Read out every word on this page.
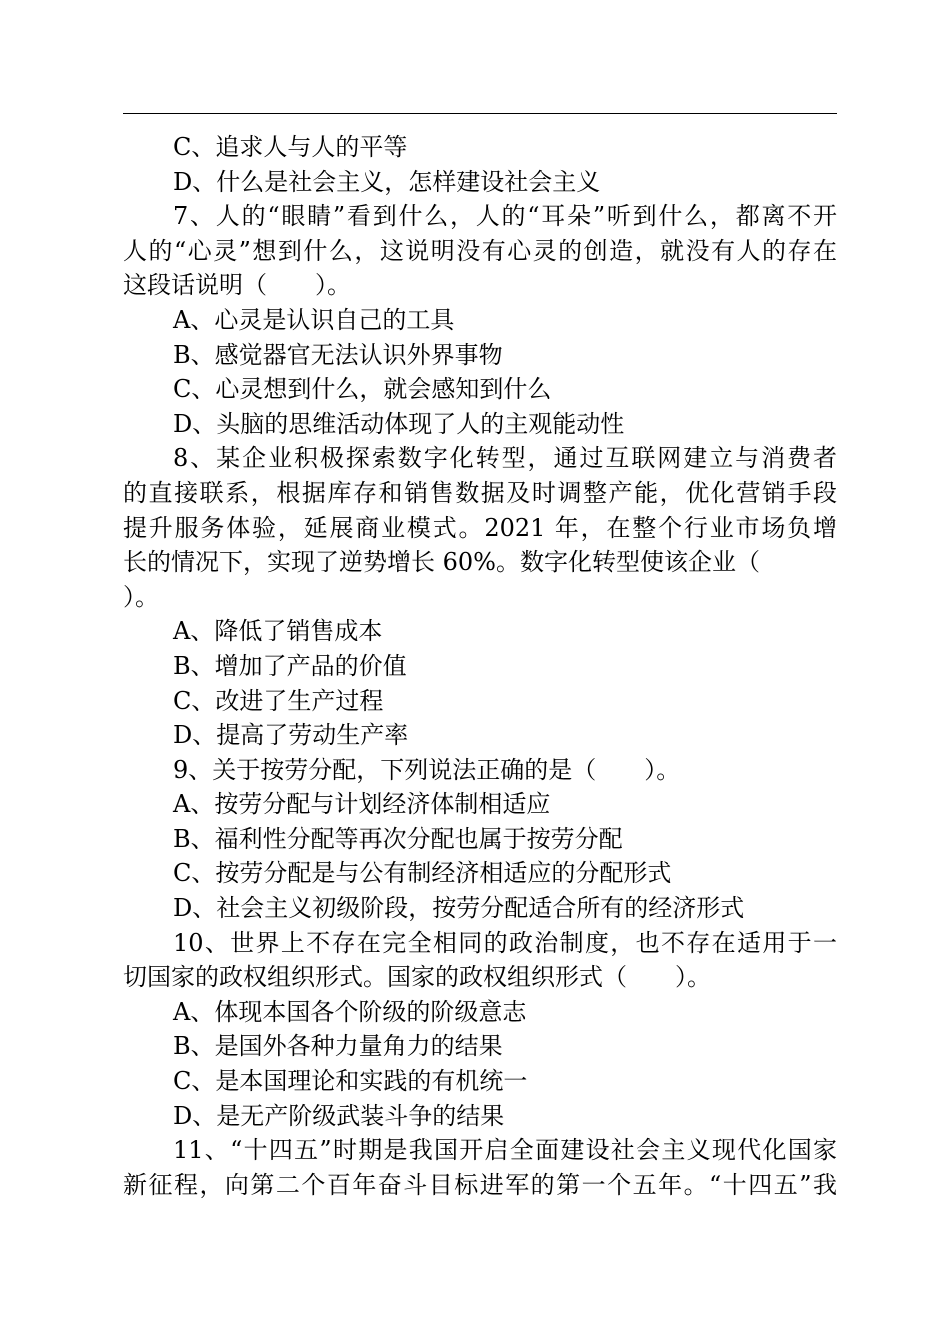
C、追求人与人的平等
D、什么是社会主义，怎样建设社会主义
7、人的“眼睛”看到什么，人的“耳朵”听到什么，都离不开
人的“心灵”想到什么，这说明没有心灵的创造，就没有人的存在
这段话说明（　　）。
A、心灵是认识自己的工具
B、感觉器官无法认识外界事物
C、心灵想到什么，就会感知到什么
D、头脑的思维活动体现了人的主观能动性
8、某企业积极探索数字化转型，通过互联网建立与消费者
的直接联系，根据库存和销售数据及时调整产能，优化营销手段
提升服务体验，延展商业模式。2021 年，在整个行业市场负增
长的情况下，实现了逆势增长 60%。数字化转型使该企业（
）。
A、降低了销售成本
B、增加了产品的价值
C、改进了生产过程
D、提高了劳动生产率
9、关于按劳分配，下列说法正确的是（　　）。
A、按劳分配与计划经济体制相适应
B、福利性分配等再次分配也属于按劳分配
C、按劳分配是与公有制经济相适应的分配形式
D、社会主义初级阶段，按劳分配适合所有的经济形式
10、世界上不存在完全相同的政治制度，也不存在适用于一
切国家的政权组织形式。国家的政权组织形式（　　）。
A、体现本国各个阶级的阶级意志
B、是国外各种力量角力的结果
C、是本国理论和实践的有机统一
D、是无产阶级武装斗争的结果
11、“十四五”时期是我国开启全面建设社会主义现代化国家
新征程，向第二个百年奋斗目标进军的第一个五年。“十四五”我
